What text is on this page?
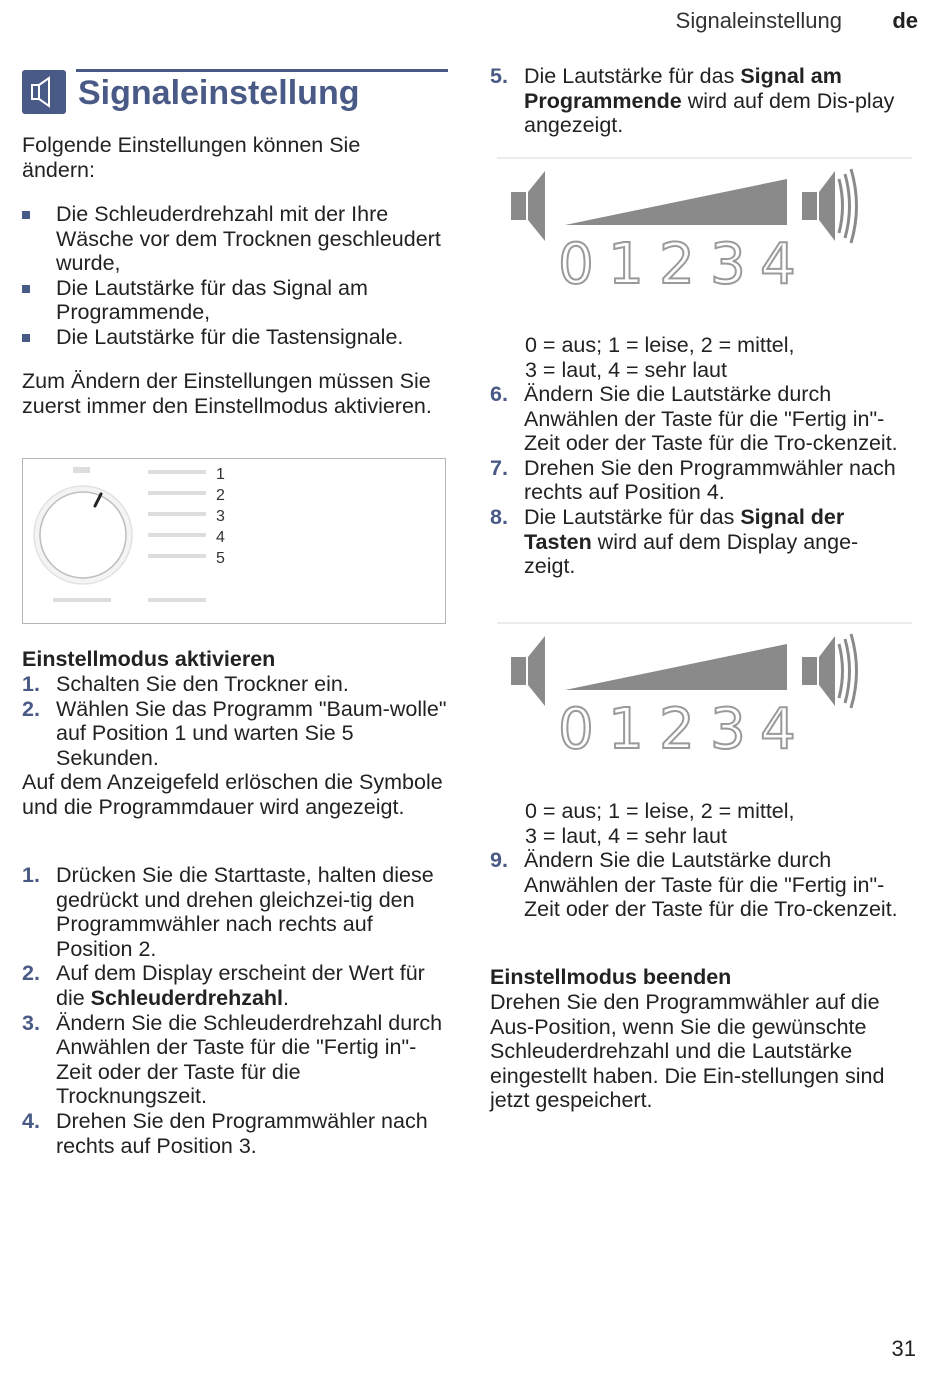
Signaleinstellung de
Signaleinstellung
Folgende Einstellungen können Sie ändern:
Die Schleuderdrehzahl mit der Ihre Wäsche vor dem Trocknen geschleudert wurde,
Die Lautstärke für das Signal am Programmende,
Die Lautstärke für die Tastensignale.
Zum Ändern der Einstellungen müssen Sie zuerst immer den Einstellmodus aktivieren.
1
2
3
4
5
Einstellmodus aktivieren
1. Schalten Sie den Trockner ein.
2. Wählen Sie das Programm "Baum-wolle" auf Position 1 und warten Sie 5 Sekunden.
Auf dem Anzeigefeld erlöschen die Symbole und die Programmdauer wird angezeigt.
1. Drücken Sie die Starttaste, halten diese gedrückt und drehen gleichzei-tig den Programmwähler nach rechts auf Position 2.
2. Auf dem Display erscheint der Wert für die Schleuderdrehzahl.
3. Ändern Sie die Schleuderdrehzahl durch Anwählen der Taste für die "Fertig in"-Zeit oder der Taste für die Trocknungszeit.
4. Drehen Sie den Programmwähler nach rechts auf Position 3.
5. Die Lautstärke für das Signal am Programmende wird auf dem Dis-play angezeigt.
0 1 2 3 4
0 = aus; 1 = leise, 2 = mittel,
3 = laut, 4 = sehr laut
6. Ändern Sie die Lautstärke durch Anwählen der Taste für die "Fertig in"-Zeit oder der Taste für die Tro-ckenzeit.
7. Drehen Sie den Programmwähler nach rechts auf Position 4.
8. Die Lautstärke für das Signal der Tasten wird auf dem Display ange-zeigt.
0 1 2 3 4
0 = aus; 1 = leise, 2 = mittel,
3 = laut, 4 = sehr laut
9. Ändern Sie die Lautstärke durch Anwählen der Taste für die "Fertig in"-Zeit oder der Taste für die Tro-ckenzeit.
Einstellmodus beenden
Drehen Sie den Programmwähler auf die Aus-Position, wenn Sie die gewünschte Schleuderdrehzahl und die Lautstärke eingestellt haben. Die Ein-stellungen sind jetzt gespeichert.
31
